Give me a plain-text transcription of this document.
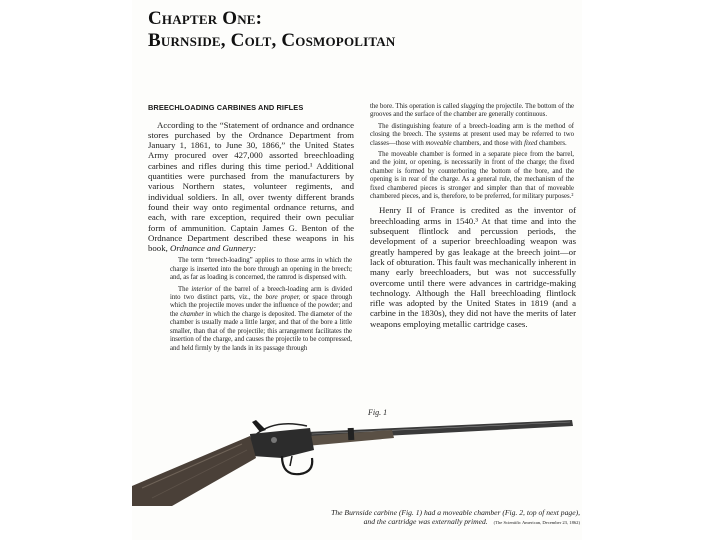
Chapter One:
Burnside, Colt, Cosmopolitan
BREECHLOADING CARBINES AND RIFLES

According to the “Statement of ordnance and ordnance stores purchased by the Ordnance Department from January 1, 1861, to June 30, 1866,” the United States Army procured over 427,000 assorted breechloading carbines and rifles during this time period.¹ Additional quantities were purchased from the manufacturers by various Northern states, volunteer regiments, and individual soldiers. In all, over twenty different brands found their way onto regimental ordnance returns, and each, with rare exception, required their own peculiar form of ammunition. Captain James G. Benton of the Ordnance Department described these weapons in his book, Ordnance and Gunnery:

The term “breech-loading” applies to those arms in which the charge is inserted into the bore through an opening in the breech; and, as far as loading is concerned, the ramrod is dispensed with.

The interior of the barrel of a breech-loading arm is divided into two distinct parts, viz., the bore proper, or space through which the projectile moves under the influence of the powder; and the chamber in which the charge is deposited. The diameter of the chamber is usually made a little larger, and that of the bore a little smaller, than that of the projectile; this arrangement facilitates the insertion of the charge, and causes the projectile to be compressed, and held firmly by the lands in its passage through

the bore. This operation is called slugging the projectile. The bottom of the grooves and the surface of the chamber are generally continuous.

The distinguishing feature of a breech-loading arm is the method of closing the breech. The systems at present used may be referred to two classes—those with moveable chambers, and those with fixed chambers.

The moveable chamber is formed in a separate piece from the barrel, and the joint, or opening, is necessarily in front of the charge; the fixed chamber is formed by counterboring the bottom of the bore, and the opening is in rear of the charge. As a general rule, the mechanism of the fixed chambered pieces is stronger and simpler than that of moveable chambered pieces, and is, therefore, to be preferred, for military purposes.²

Henry II of France is credited as the inventor of breechloading arms in 1540.³ At that time and into the subsequent flintlock and percussion periods, the development of a superior breechloading weapon was greatly hampered by gas leakage at the breech joint—or lack of obturation. This fault was mechanically inherent in many early breechloaders, but was not successfully overcome until there were advances in cartridge-making technology. Although the Hall breechloading flintlock rifle was adopted by the United States in 1819 (and a carbine in the 1830s), they did not have the merits of later weapons employing metallic cartridge cases.

Fig. 1
The Burnside carbine (Fig. 1) had a moveable chamber (Fig. 2, top of next page),
and the cartridge was externally primed. (The Scientific American, December 23, 1862)
